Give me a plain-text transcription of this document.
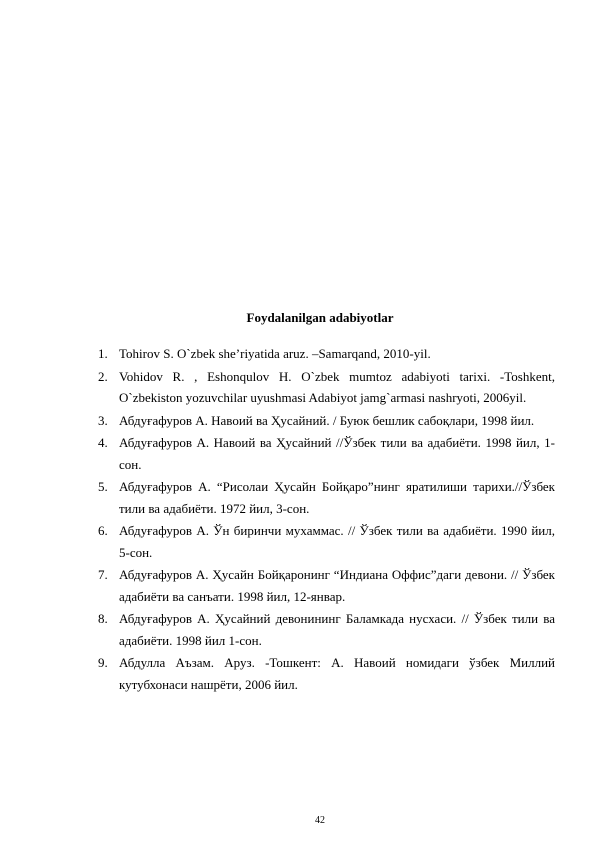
Foydalanilgan adabiyotlar
1. Tohirov S. O`zbek she’riyatida aruz. –Samarqand, 2010-yil.
2. Vohidov R. , Eshonqulov H. O`zbek mumtoz adabiyoti tarixi. -Toshkent, O`zbekiston yozuvchilar uyushmasi Adabiyot jamg`armasi nashryoti, 2006yil.
3. Абдуғафуров А. Навоий ва Ҳусайний. / Буюк бешлик сабоқлари, 1998 йил.
4. Абдуғафуров А. Навоий ва Ҳусайний //Ўзбек тили ва адабиёти. 1998 йил, 1-сон.
5. Абдуғафуров А. “Рисолаи Ҳусайн Бойқаро”нинг яратилиши тарихи.//Ўзбек тили ва адабиёти. 1972 йил, 3-сон.
6. Абдуғафуров А. Ўн биринчи мухаммас. // Ўзбек тили ва адабиёти. 1990 йил, 5-сон.
7. Абдуғафуров А. Ҳусайн Бойқаронинг “Индиана Оффис”даги девони. // Ўзбек адабиёти ва санъати. 1998 йил, 12-январ.
8. Абдуғафуров А. Ҳусайний девонининг Баламкада нусхаси. // Ўзбек тили ва адабиёти. 1998 йил 1-сон.
9. Абдулла Аъзам. Аруз. -Тошкент: А. Навоий номидаги ўзбек Миллий кутубхонаси нашрёти, 2006 йил.
42
